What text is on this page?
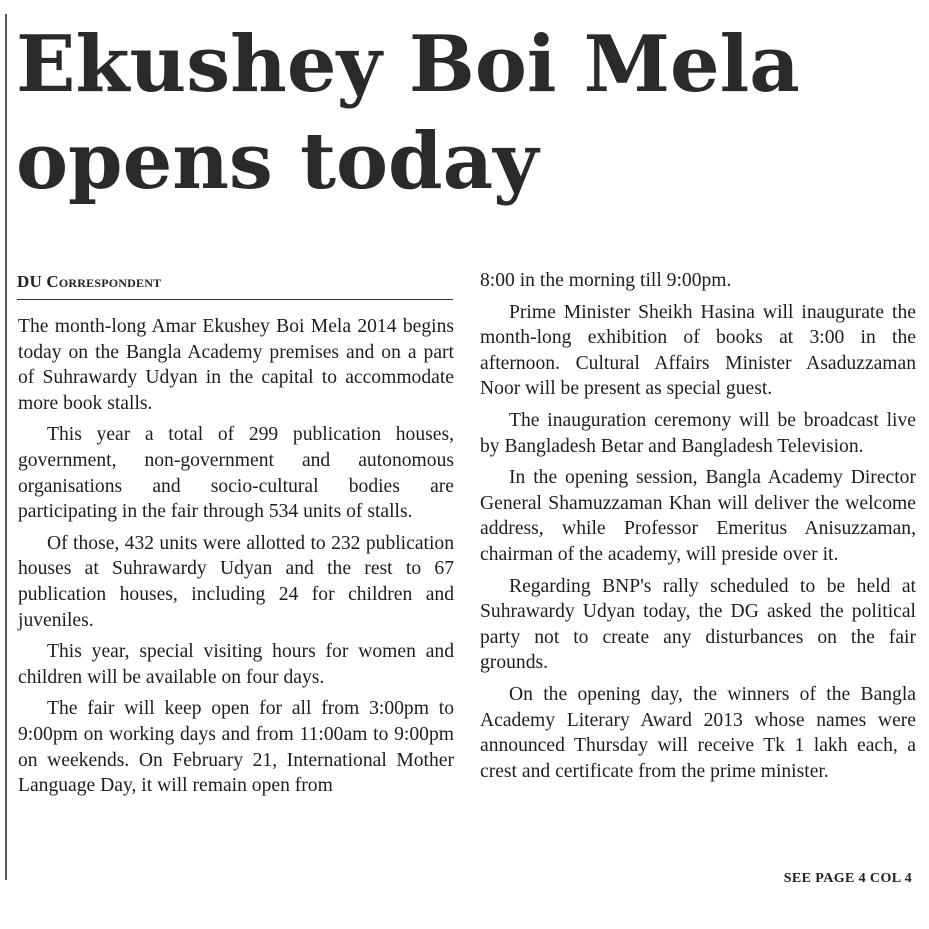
Ekushey Boi Mela opens today
DU Correspondent

The month-long Amar Ekushey Boi Mela 2014 begins today on the Bangla Academy premises and on a part of Suhrawardy Udyan in the capital to accommodate more book stalls.

This year a total of 299 publication houses, government, non-government and autonomous organisations and socio-cultural bodies are participating in the fair through 534 units of stalls.

Of those, 432 units were allotted to 232 publication houses at Suhrawardy Udyan and the rest to 67 publication houses, including 24 for children and juveniles.

This year, special visiting hours for women and children will be available on four days.

The fair will keep open for all from 3:00pm to 9:00pm on working days and from 11:00am to 9:00pm on weekends. On February 21, International Mother Language Day, it will remain open from

8:00 in the morning till 9:00pm.

Prime Minister Sheikh Hasina will inaugurate the month-long exhibition of books at 3:00 in the afternoon. Cultural Affairs Minister Asaduzzaman Noor will be present as special guest.

The inauguration ceremony will be broadcast live by Bangladesh Betar and Bangladesh Television.

In the opening session, Bangla Academy Director General Shamuzzaman Khan will deliver the welcome address, while Professor Emeritus Anisuzzaman, chairman of the academy, will preside over it.

Regarding BNP's rally scheduled to be held at Suhrawardy Udyan today, the DG asked the political party not to create any disturbances on the fair grounds.

On the opening day, the winners of the Bangla Academy Literary Award 2013 whose names were announced Thursday will receive Tk 1 lakh each, a crest and certificate from the prime minister.

SEE PAGE 4 COL 4
